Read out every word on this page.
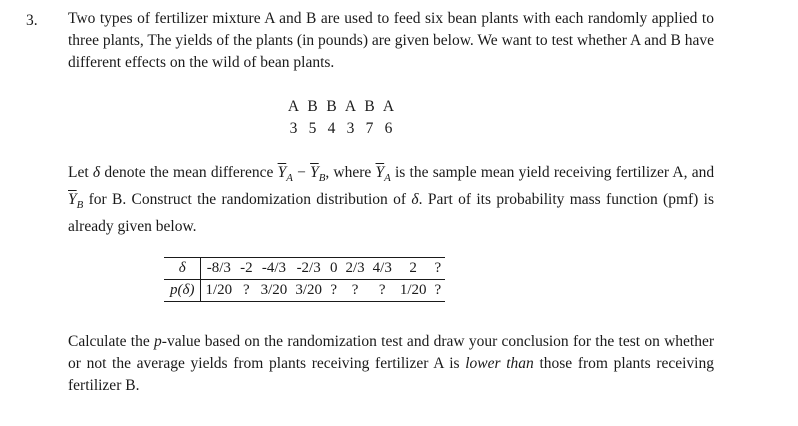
3. Two types of fertilizer mixture A and B are used to feed six bean plants with each randomly applied to three plants, The yields of the plants (in pounds) are given below. We want to test whether A and B have different effects on the wild of bean plants.

A	B	B	A	B	A
3	5	4	3	7	6

Let δ denote the mean difference $\overline{Y}_A - \overline{Y}_B$, where $\overline{Y}_A$ is the sample mean yield receiving fertilizer A, and $\overline{Y}_B$ for B. Construct the randomization distribution of δ. Part of its probability mass function (pmf) is already given below.

δ	-8/3	-2	-4/3	-2/3	0	2/3	4/3	2	?
p(δ)	1/20	?	3/20	3/20	?	?	?	1/20	?

Calculate the p-value based on the randomization test and draw your conclusion for the test on whether or not the average yields from plants receiving fertilizer A is lower than those from plants receiving fertilizer B.
